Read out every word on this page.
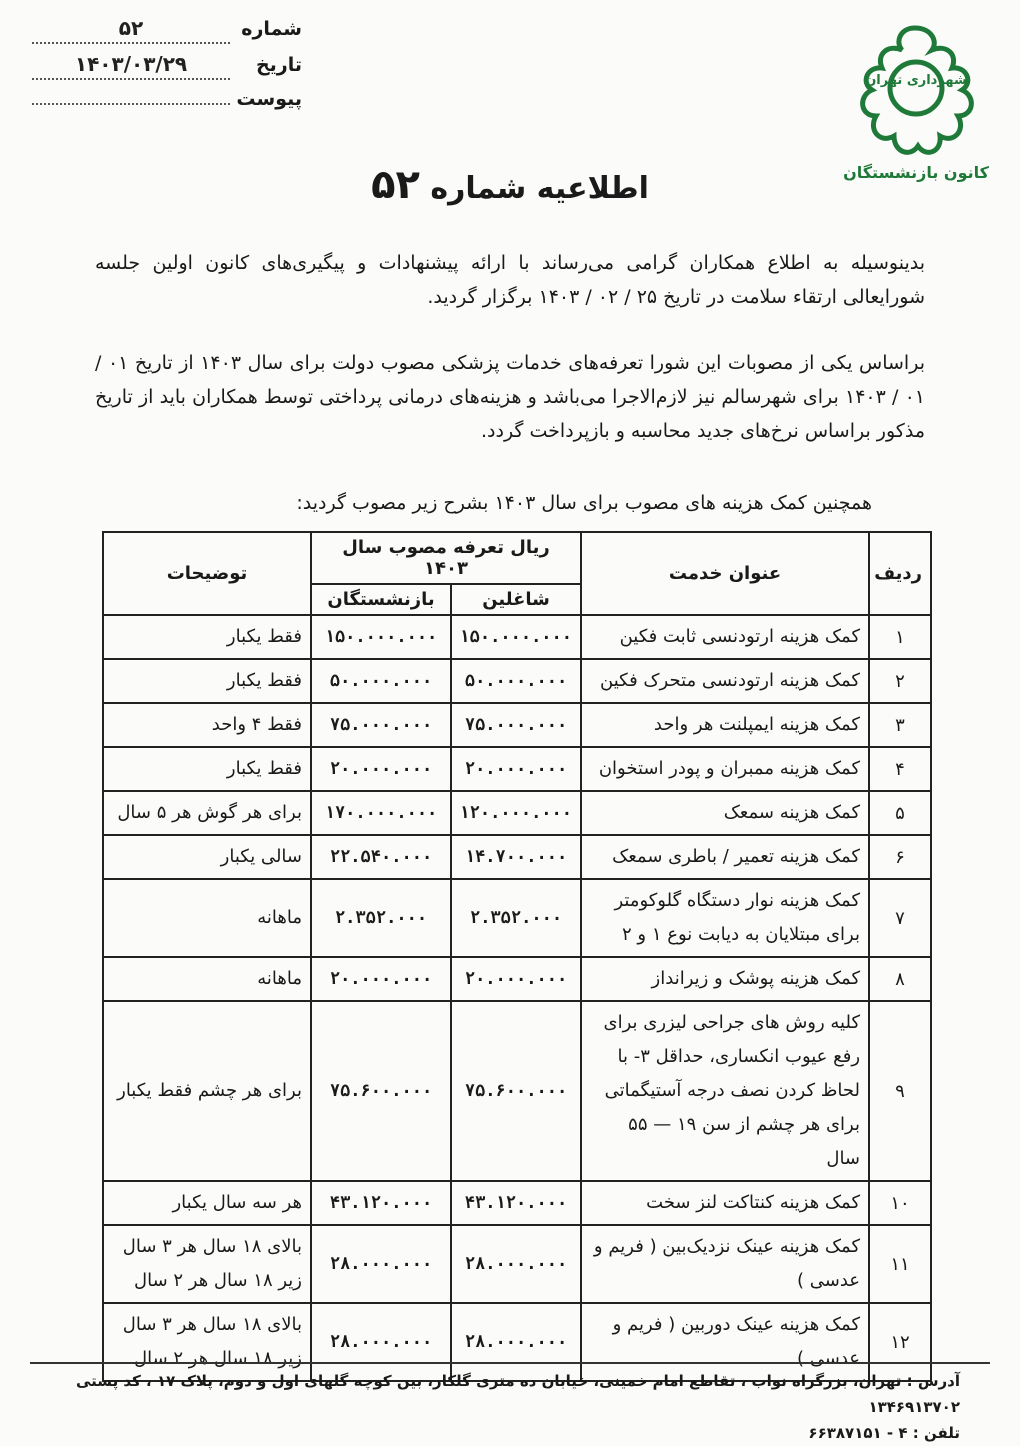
شهرداری تهران
کانون بازنشستگان
شماره
۵۲
تاریخ
۱۴۰۳/۰۳/۲۹
پیوست
اطلاعیه شماره ۵۲
بدینوسیله به اطلاع همکاران گرامی می‌رساند با ارائه پیشنهادات و پیگیری‌های کانون اولین جلسه شورایعالی ارتقاء سلامت در تاریخ ۲۵ / ۰۲ / ۱۴۰۳ برگزار گردید.
براساس یکی از مصوبات این شورا تعرفه‌های خدمات پزشکی مصوب دولت برای سال ۱۴۰۳ از تاریخ ۰۱ / ۰۱ / ۱۴۰۳ برای شهرسالم نیز لازم‌الاجرا می‌باشد و هزینه‌های درمانی پرداختی توسط همکاران باید از تاریخ مذکور براساس نرخ‌های جدید محاسبه و بازپرداخت گردد.
همچنین کمک هزینه های مصوب برای سال ۱۴۰۳ بشرح زیر مصوب گردید:
ردیف	عنوان خدمت	ریال تعرفه مصوب سال ۱۴۰۳		توضیحات
		شاغلین	بازنشستگان	
۱	کمک هزینه ارتودنسی ثابت فکین	۱۵۰.۰۰۰.۰۰۰	۱۵۰.۰۰۰.۰۰۰	فقط یکبار
۲	کمک هزینه ارتودنسی متحرک فکین	۵۰.۰۰۰.۰۰۰	۵۰.۰۰۰.۰۰۰	فقط یکبار
۳	کمک هزینه ایمپلنت هر واحد	۷۵.۰۰۰.۰۰۰	۷۵.۰۰۰.۰۰۰	فقط ۴ واحد
۴	کمک هزینه ممبران و پودر استخوان	۲۰.۰۰۰.۰۰۰	۲۰.۰۰۰.۰۰۰	فقط یکبار
۵	کمک هزینه سمعک	۱۲۰.۰۰۰.۰۰۰	۱۷۰.۰۰۰.۰۰۰	برای هر گوش هر ۵ سال
۶	کمک هزینه تعمیر / باطری سمعک	۱۴.۷۰۰.۰۰۰	۲۲.۵۴۰.۰۰۰	سالی یکبار
۷	کمک هزینه نوار دستگاه گلوکومتر برای مبتلایان به دیابت نوع ۱ و ۲	۲.۳۵۲.۰۰۰	۲.۳۵۲.۰۰۰	ماهانه
۸	کمک هزینه پوشک و زیرانداز	۲۰.۰۰۰.۰۰۰	۲۰.۰۰۰.۰۰۰	ماهانه
۹	کلیه روش های جراحی لیزری برای رفع عیوب انکساری، حداقل ۳- با لحاظ کردن نصف درجه آستیگماتی برای هر چشم از سن ۱۹ — ۵۵ سال	۷۵.۶۰۰.۰۰۰	۷۵.۶۰۰.۰۰۰	برای هر چشم فقط یکبار
۱۰	کمک هزینه کنتاکت لنز سخت	۴۳.۱۲۰.۰۰۰	۴۳.۱۲۰.۰۰۰	هر سه سال یکبار
۱۱	کمک هزینه عینک نزدیک‌بین ( فریم و عدسی )	۲۸.۰۰۰.۰۰۰	۲۸.۰۰۰.۰۰۰	بالای ۱۸ سال هر ۳ سال زیر ۱۸ سال هر ۲ سال
۱۲	کمک هزینه عینک دوربین ( فریم و عدسی )	۲۸.۰۰۰.۰۰۰	۲۸.۰۰۰.۰۰۰	بالای ۱۸ سال هر ۳ سال زیر ۱۸ سال هر ۲ سال
آدرس : تهران، بزرگراه نواب ، تقاطع امام خمینی، خیابان ده متری گلکار، بین کوچه گلهای اول و دوم، پلاک ۱۷ ، کد پستی ۱۳۴۶۹۱۳۷۰۲
تلفن : ۴ - ۶۶۳۸۷۱۵۱
